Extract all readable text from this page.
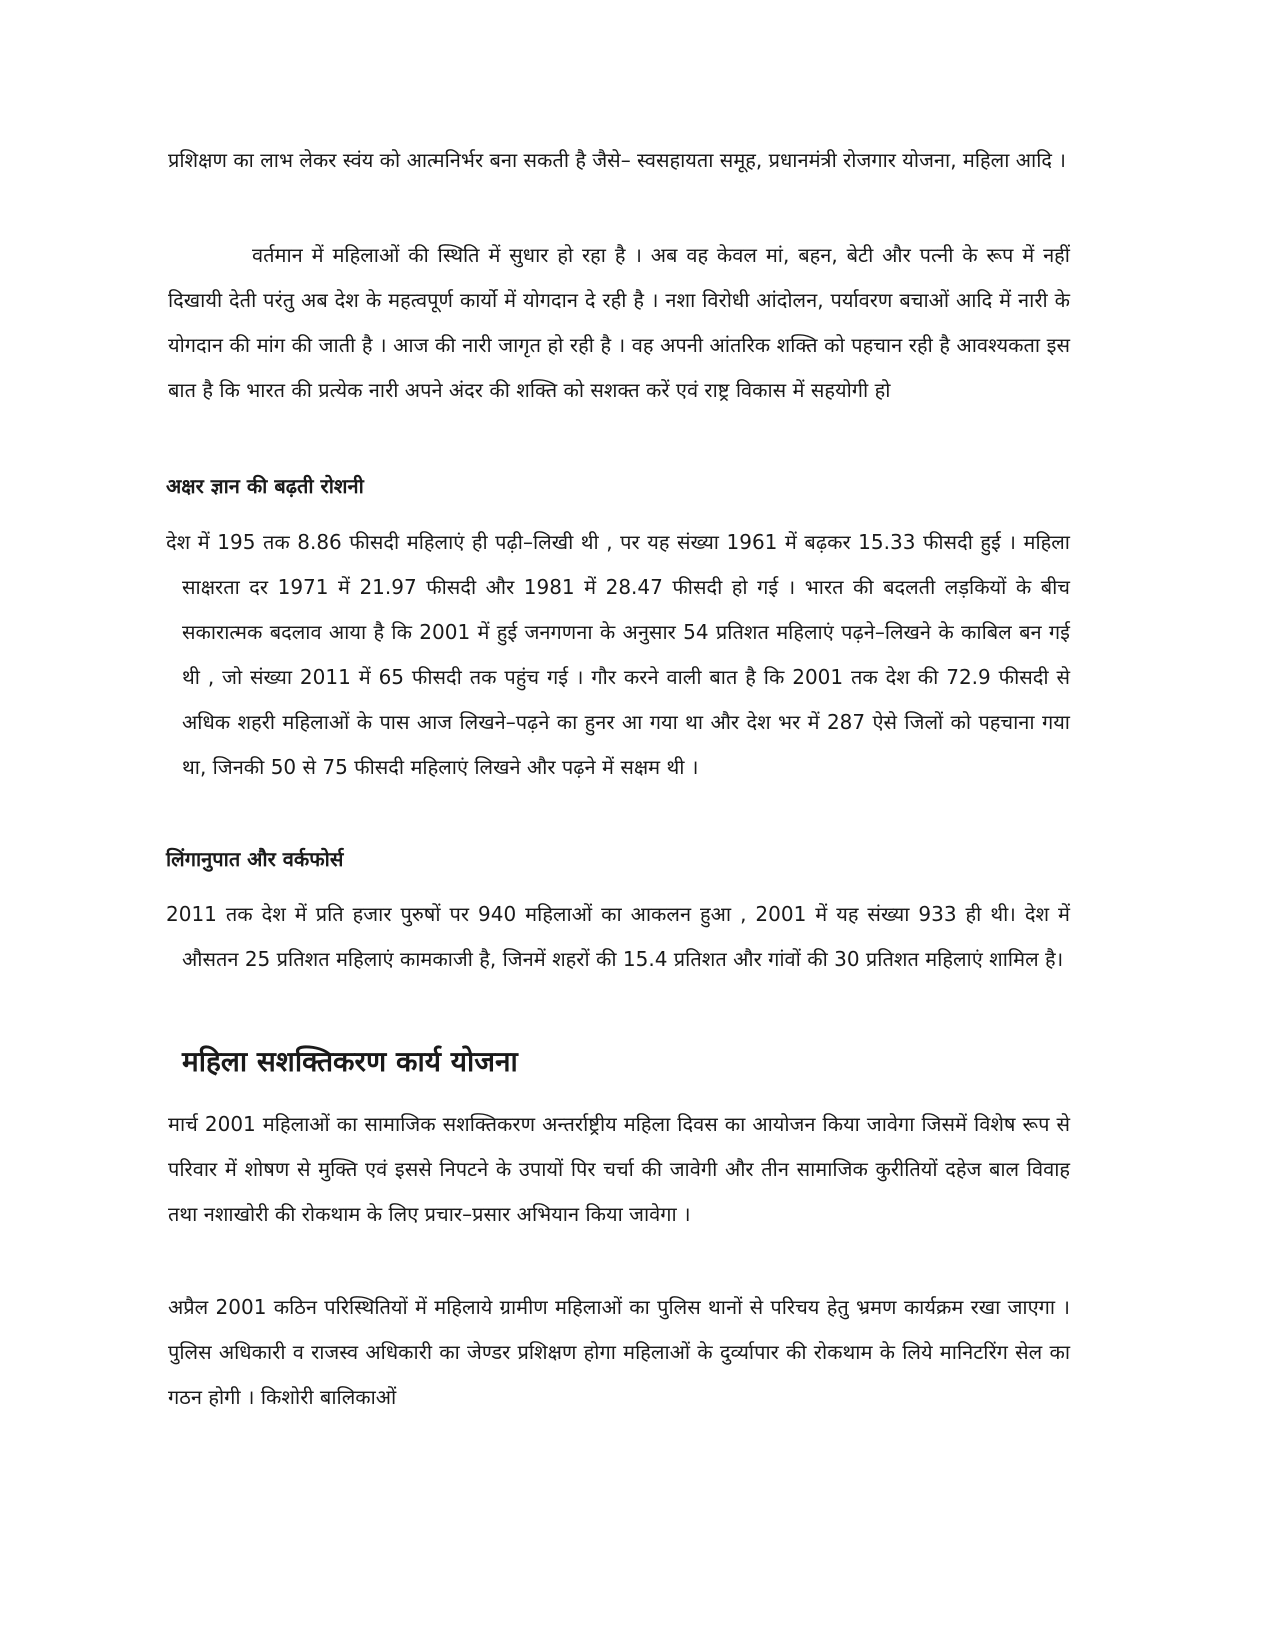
प्रशिक्षण का लाभ लेकर स्वंय को आत्मनिर्भर बना सकती है जैसे– स्वसहायता समूह, प्रधानमंत्री रोजगार योजना, महिला आदि ।

वर्तमान में महिलाओं की स्थिति में सुधार हो रहा है । अब वह केवल मां, बहन, बेटी और पत्नी के रूप में नहीं दिखायी देती परंतु अब देश के महत्वपूर्ण कार्यो में योगदान दे रही है । नशा विरोधी आंदोलन, पर्यावरण बचाओं आदि में नारी के योगदान की मांग की जाती है । आज की नारी जागृत हो रही है । वह अपनी आंतरिक शक्ति को पहचान रही है आवश्यकता इस बात है कि भारत की प्रत्येक नारी अपने अंदर की शक्ति को सशक्त करें एवं राष्ट्र विकास में सहयोगी हो

अक्षर ज्ञान की बढ़ती रोशनी

देश में 195 तक 8.86 फीसदी महिलाएं ही पढ़ी–लिखी थी , पर यह संख्या 1961 में बढ़कर 15.33 फीसदी हुई । महिला साक्षरता दर 1971 में 21.97 फीसदी और 1981 में 28.47 फीसदी हो गई । भारत की बदलती लड़कियों के बीच सकारात्मक बदलाव आया है कि 2001 में हुई जनगणना के अनुसार 54 प्रतिशत महिलाएं पढ़ने–लिखने के काबिल बन गई थी , जो संख्या 2011 में 65 फीसदी तक पहुंच गई । गौर करने वाली बात है कि 2001 तक देश की 72.9 फीसदी से अधिक शहरी महिलाओं के पास आज लिखने–पढ़ने का हुनर आ गया था और देश भर में 287 ऐसे जिलों को पहचाना गया था, जिनकी 50 से 75 फीसदी महिलाएं लिखने और पढ़ने में सक्षम थी ।

लिंगानुपात और वर्कफोर्स

2011 तक देश में प्रति हजार पुरुषों पर 940 महिलाओं का आकलन हुआ , 2001 में यह संख्या 933 ही थी। देश में औसतन 25 प्रतिशत महिलाएं कामकाजी है, जिनमें शहरों की 15.4 प्रतिशत और गांवों की 30 प्रतिशत महिलाएं शामिल है।

महिला सशक्तिकरण कार्य योजना

मार्च 2001 महिलाओं का सामाजिक सशक्तिकरण अन्तर्राष्ट्रीय महिला दिवस का आयोजन किया जावेगा जिसमें विशेष रूप से परिवार में शोषण से मुक्ति एवं इससे निपटने के उपायों पिर चर्चा की जावेगी और तीन सामाजिक कुरीतियों दहेज बाल विवाह तथा नशाखोरी की रोकथाम के लिए प्रचार–प्रसार अभियान किया जावेगा ।

अप्रैल 2001 कठिन परिस्थितियों में महिलाये ग्रामीण महिलाओं का पुलिस थानों से परिचय हेतु भ्रमण कार्यक्रम रखा जाएगा । पुलिस अधिकारी व राजस्व अधिकारी का जेण्डर प्रशिक्षण होगा महिलाओं के दुर्व्यापार की रोकथाम के लिये मानिटरिंग सेल का गठन होगी । किशोरी बालिकाओं
